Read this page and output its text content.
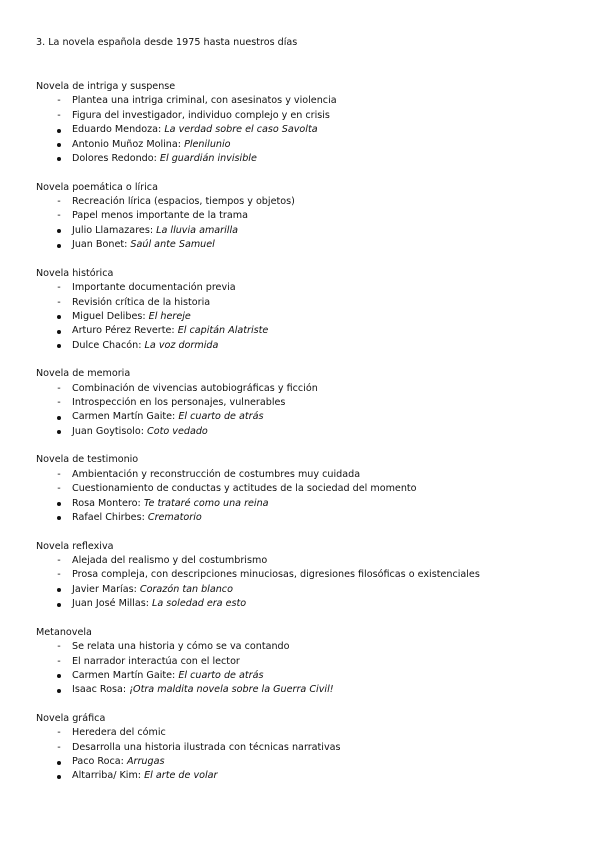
3. La novela española desde 1975 hasta nuestros días
Novela de intriga y suspense
-
Plantea una intriga criminal, con asesinatos y violencia
-
Figura del investigador, individuo complejo y en crisis
Eduardo Mendoza: La verdad sobre el caso Savolta
Antonio Muñoz Molina: Plenilunio
Dolores Redondo: El guardián invisible
Novela poemática o lírica
-
Recreación lírica (espacios, tiempos y objetos)
-
Papel menos importante de la trama
Julio Llamazares: La lluvia amarilla
Juan Bonet: Saúl ante Samuel
Novela histórica
-
Importante documentación previa
-
Revisión crítica de la historia
Miguel Delibes: El hereje
Arturo Pérez Reverte: El capitán Alatriste
Dulce Chacón: La voz dormida
Novela de memoria
-
Combinación de vivencias autobiográficas y ficción
-
Introspección en los personajes, vulnerables
Carmen Martín Gaite: El cuarto de atrás
Juan Goytisolo: Coto vedado
Novela de testimonio
-
Ambientación y reconstrucción de costumbres muy cuidada
-
Cuestionamiento de conductas y actitudes de la sociedad del momento
Rosa Montero: Te trataré como una reina
Rafael Chirbes: Crematorio
Novela reflexiva
-
Alejada del realismo y del costumbrismo
-
Prosa compleja, con descripciones minuciosas, digresiones filosóficas o existenciales
Javier Marías: Corazón tan blanco
Juan José Millas: La soledad era esto
Metanovela
-
Se relata una historia y cómo se va contando
-
El narrador interactúa con el lector
Carmen Martín Gaite: El cuarto de atrás
Isaac Rosa: ¡Otra maldita novela sobre la Guerra Civil!
Novela gráfica
-
Heredera del cómic
-
Desarrolla una historia ilustrada con técnicas narrativas
Paco Roca: Arrugas
Altarriba/ Kim: El arte de volar
